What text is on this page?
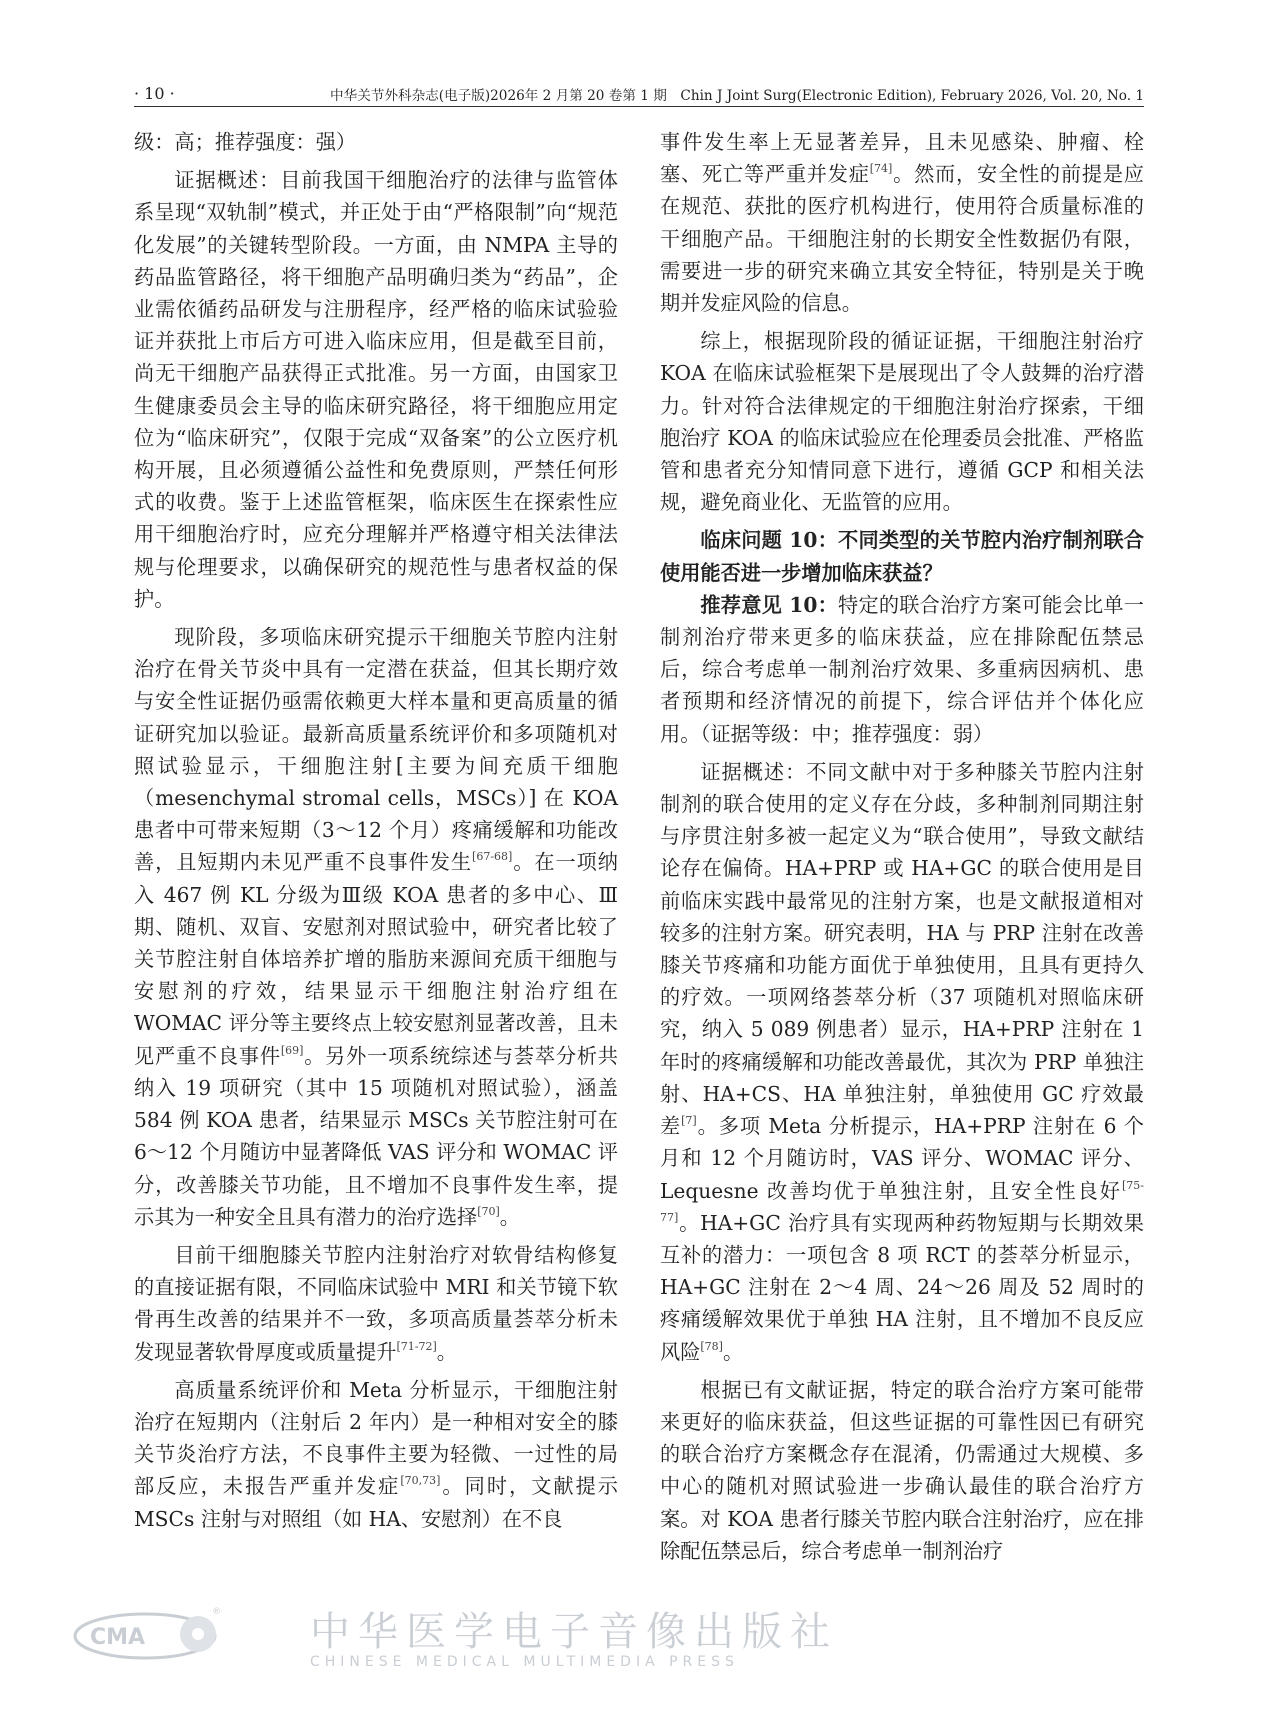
· 10 ·	中华关节外科杂志(电子版)2026年 2 月第 20 卷第 1 期　Chin J Joint Surg(Electronic Edition), February 2026, Vol. 20, No. 1

级：高；推荐强度：强）

证据概述：目前我国干细胞治疗的法律与监管体系呈现“双轨制”模式，并正处于由“严格限制”向“规范化发展”的关键转型阶段。一方面，由 NMPA 主导的药品监管路径，将干细胞产品明确归类为“药品”，企业需依循药品研发与注册程序，经严格的临床试验验证并获批上市后方可进入临床应用，但是截至目前，尚无干细胞产品获得正式批准。另一方面，由国家卫生健康委员会主导的临床研究路径，将干细胞应用定位为“临床研究”，仅限于完成“双备案”的公立医疗机构开展，且必须遵循公益性和免费原则，严禁任何形式的收费。鉴于上述监管框架，临床医生在探索性应用干细胞治疗时，应充分理解并严格遵守相关法律法规与伦理要求，以确保研究的规范性与患者权益的保护。

现阶段，多项临床研究提示干细胞关节腔内注射治疗在骨关节炎中具有一定潜在获益，但其长期疗效与安全性证据仍亟需依赖更大样本量和更高质量的循证研究加以验证。最新高质量系统评价和多项随机对照试验显示，干细胞注射[主要为间充质干细胞（mesenchymal stromal cells，MSCs）] 在 KOA 患者中可带来短期（3～12 个月）疼痛缓解和功能改善，且短期内未见严重不良事件发生[67-68]。在一项纳入 467 例 KL 分级为Ⅲ级 KOA 患者的多中心、Ⅲ期、随机、双盲、安慰剂对照试验中，研究者比较了关节腔注射自体培养扩增的脂肪来源间充质干细胞与安慰剂的疗效，结果显示干细胞注射治疗组在 WOMAC 评分等主要终点上较安慰剂显著改善，且未见严重不良事件[69]。另外一项系统综述与荟萃分析共纳入 19 项研究（其中 15 项随机对照试验），涵盖 584 例 KOA 患者，结果显示 MSCs 关节腔注射可在 6～12 个月随访中显著降低 VAS 评分和 WOMAC 评分，改善膝关节功能，且不增加不良事件发生率，提示其为一种安全且具有潜力的治疗选择[70]。

目前干细胞膝关节腔内注射治疗对软骨结构修复的直接证据有限，不同临床试验中 MRI 和关节镜下软骨再生改善的结果并不一致，多项高质量荟萃分析未发现显著软骨厚度或质量提升[71-72]。

高质量系统评价和 Meta 分析显示，干细胞注射治疗在短期内（注射后 2 年内）是一种相对安全的膝关节炎治疗方法，不良事件主要为轻微、一过性的局部反应，未报告严重并发症[70,73]。同时，文献提示 MSCs 注射与对照组（如 HA、安慰剂）在不良

事件发生率上无显著差异，且未见感染、肿瘤、栓塞、死亡等严重并发症[74]。然而，安全性的前提是应在规范、获批的医疗机构进行，使用符合质量标准的干细胞产品。干细胞注射的长期安全性数据仍有限，需要进一步的研究来确立其安全特征，特别是关于晚期并发症风险的信息。

综上，根据现阶段的循证证据，干细胞注射治疗 KOA 在临床试验框架下是展现出了令人鼓舞的治疗潜力。针对符合法律规定的干细胞注射治疗探索，干细胞治疗 KOA 的临床试验应在伦理委员会批准、严格监管和患者充分知情同意下进行，遵循 GCP 和相关法规，避免商业化、无监管的应用。

临床问题 10：不同类型的关节腔内治疗制剂联合使用能否进一步增加临床获益？

推荐意见 10：特定的联合治疗方案可能会比单一制剂治疗带来更多的临床获益，应在排除配伍禁忌后，综合考虑单一制剂治疗效果、多重病因病机、患者预期和经济情况的前提下，综合评估并个体化应用。（证据等级：中；推荐强度：弱）

证据概述：不同文献中对于多种膝关节腔内注射制剂的联合使用的定义存在分歧，多种制剂同期注射与序贯注射多被一起定义为“联合使用”，导致文献结论存在偏倚。HA+PRP 或 HA+GC 的联合使用是目前临床实践中最常见的注射方案，也是文献报道相对较多的注射方案。研究表明，HA 与 PRP 注射在改善膝关节疼痛和功能方面优于单独使用，且具有更持久的疗效。一项网络荟萃分析（37 项随机对照临床研究，纳入 5 089 例患者）显示，HA+PRP 注射在 1 年时的疼痛缓解和功能改善最优，其次为 PRP 单独注射、HA+CS、HA 单独注射，单独使用 GC 疗效最差[7]。多项 Meta 分析提示，HA+PRP 注射在 6 个月和 12 个月随访时，VAS 评分、WOMAC 评分、Lequesne 改善均优于单独注射，且安全性良好[75-77]。HA+GC 治疗具有实现两种药物短期与长期效果互补的潜力：一项包含 8 项 RCT 的荟萃分析显示，HA+GC 注射在 2～4 周、24～26 周及 52 周时的疼痛缓解效果优于单独 HA 注射，且不增加不良反应风险[78]。

根据已有文献证据，特定的联合治疗方案可能带来更好的临床获益，但这些证据的可靠性因已有研究的联合治疗方案概念存在混淆，仍需通过大规模、多中心的随机对照试验进一步确认最佳的联合治疗方案。对 KOA 患者行膝关节腔内联合注射治疗，应在排除配伍禁忌后，综合考虑单一制剂治疗

CMA
® 中华医学电子音像出版社
CHINESE MEDICAL MULTIMEDIA PRESS
